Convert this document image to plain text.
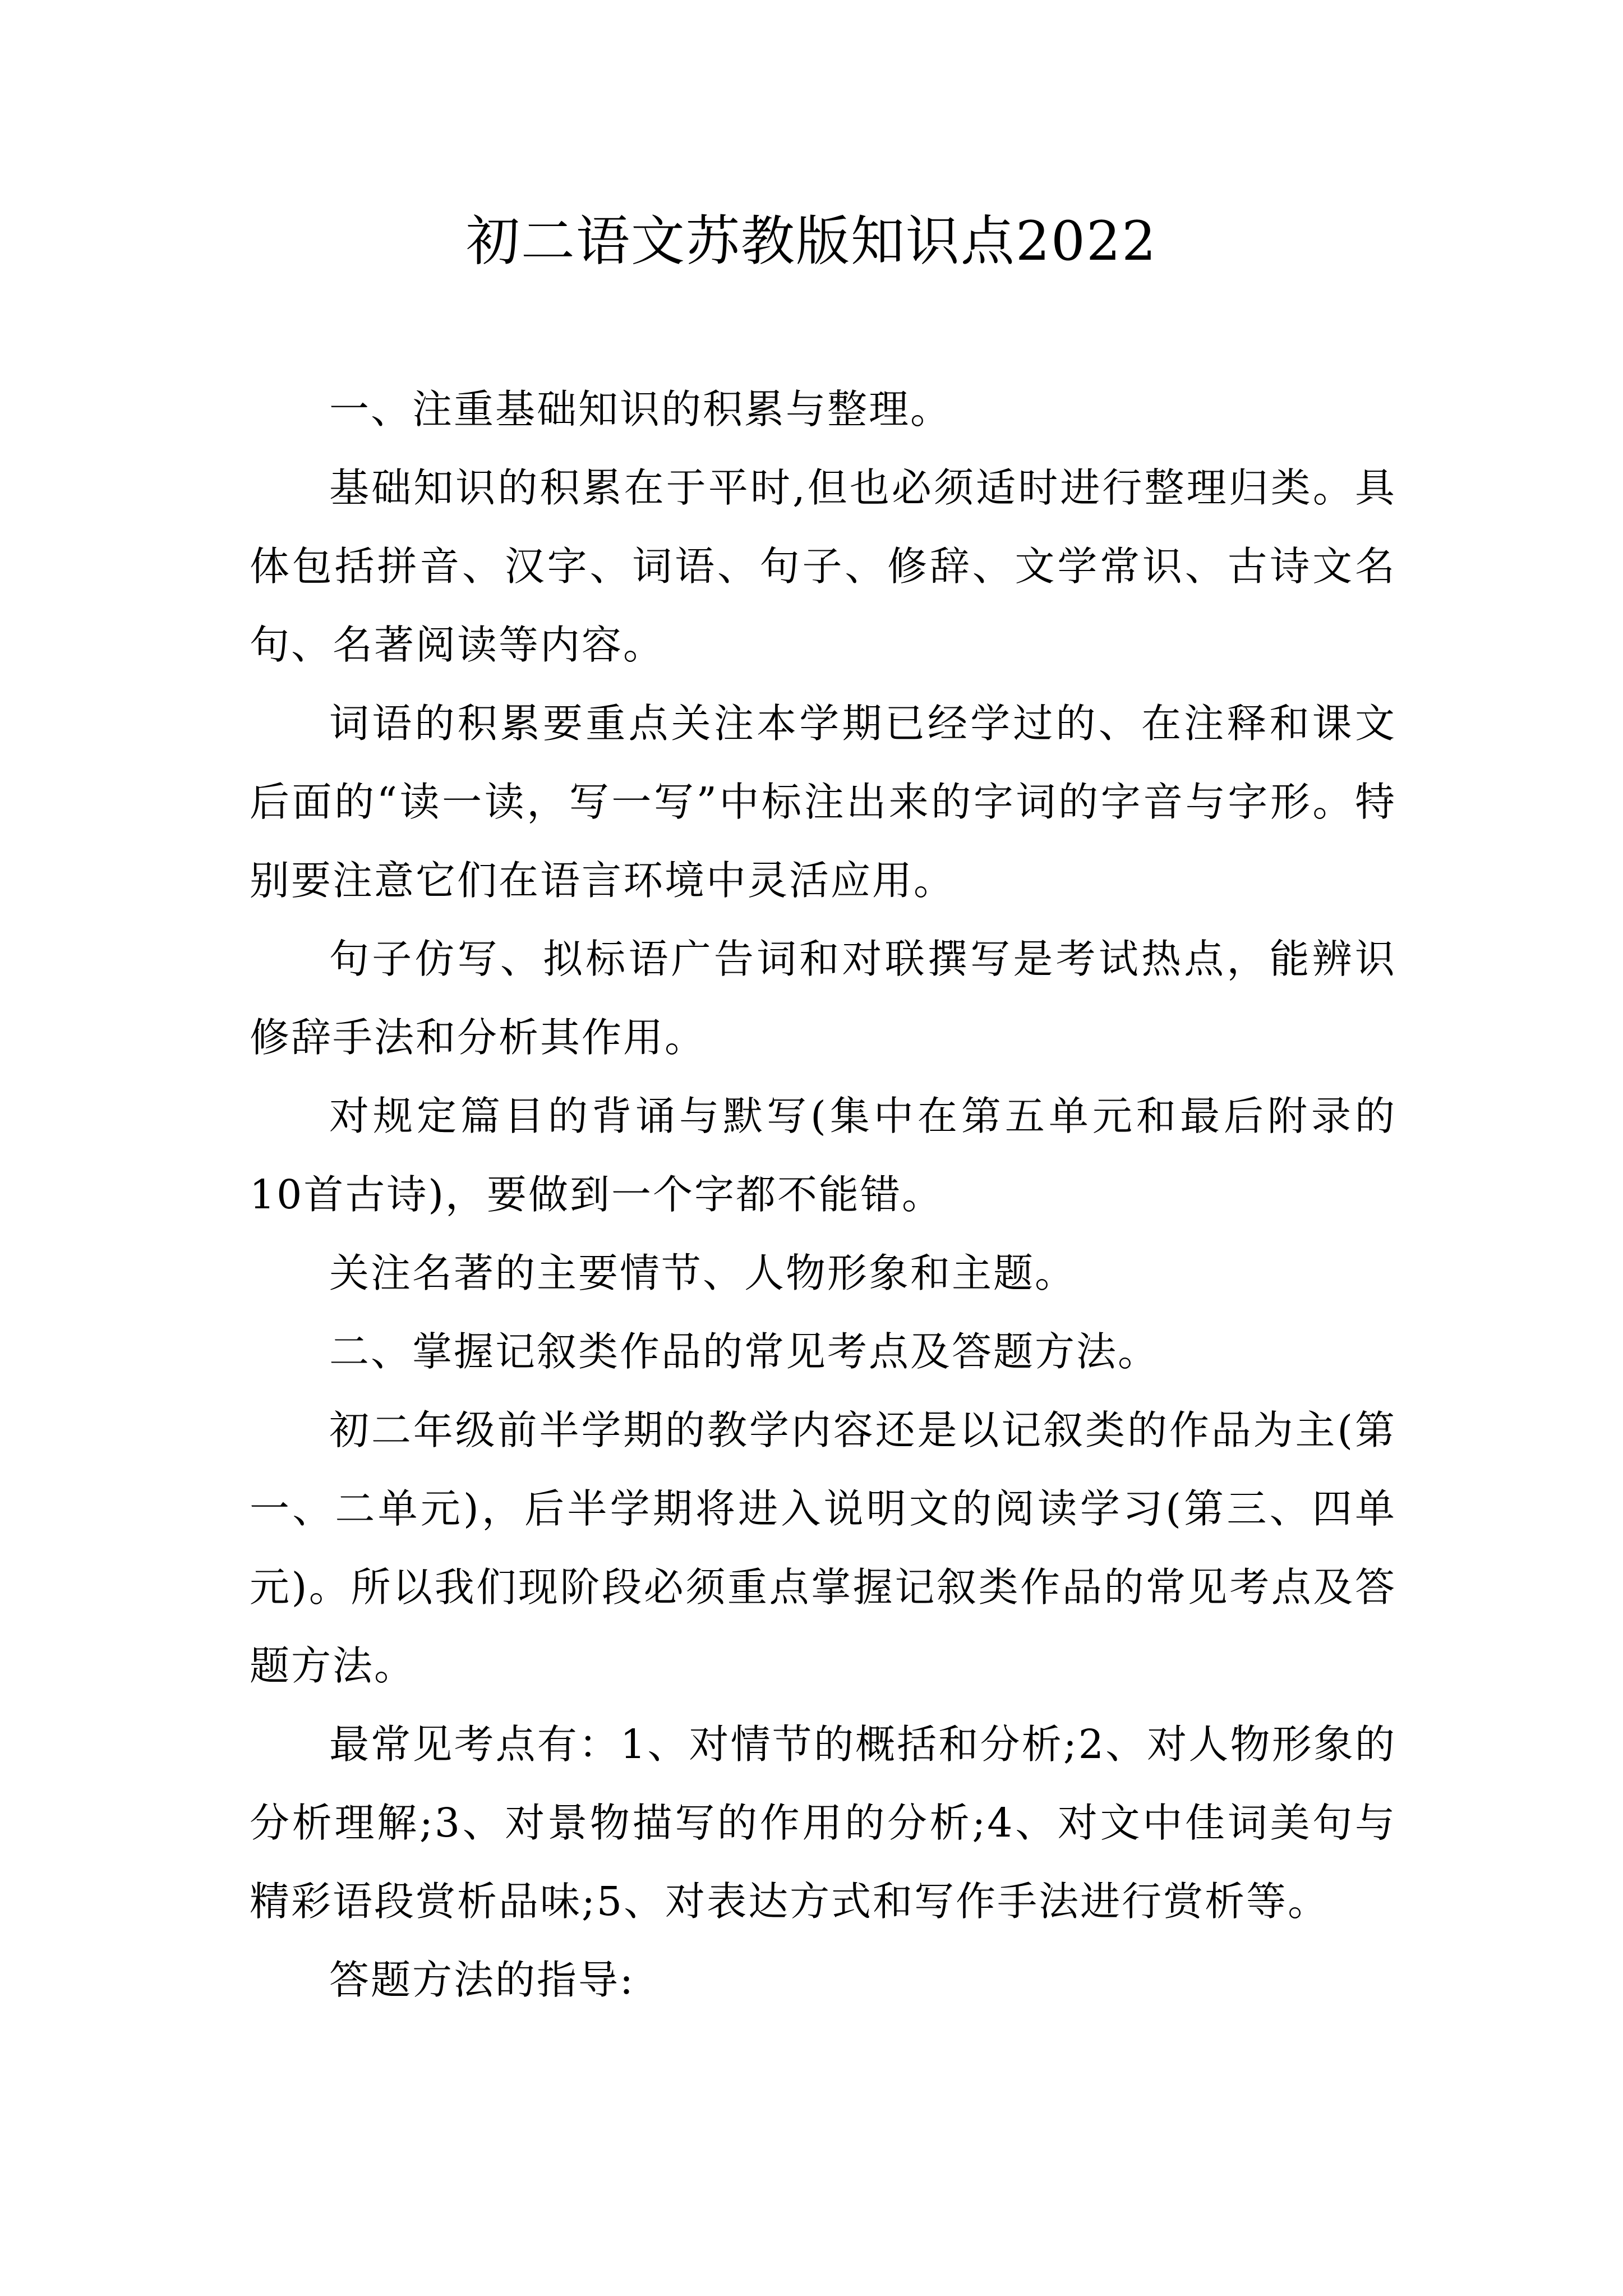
初二语文苏教版知识点2022

一、注重基础知识的积累与整理。

基础知识的积累在于平时,但也必须适时进行整理归类。具体包括拼音、汉字、词语、句子、修辞、文学常识、古诗文名句、名著阅读等内容。

词语的积累要重点关注本学期已经学过的、在注释和课文后面的“读一读，写一写”中标注出来的字词的字音与字形。特别要注意它们在语言环境中灵活应用。

句子仿写、拟标语广告词和对联撰写是考试热点，能辨识修辞手法和分析其作用。

对规定篇目的背诵与默写(集中在第五单元和最后附录的10首古诗)，要做到一个字都不能错。

关注名著的主要情节、人物形象和主题。

二、掌握记叙类作品的常见考点及答题方法。

初二年级前半学期的教学内容还是以记叙类的作品为主(第一、二单元)，后半学期将进入说明文的阅读学习(第三、四单元)。所以我们现阶段必须重点掌握记叙类作品的常见考点及答题方法。

最常见考点有：1、对情节的概括和分析;2、对人物形象的分析理解;3、对景物描写的作用的分析;4、对文中佳词美句与精彩语段赏析品味;5、对表达方式和写作手法进行赏析等。

答题方法的指导:
